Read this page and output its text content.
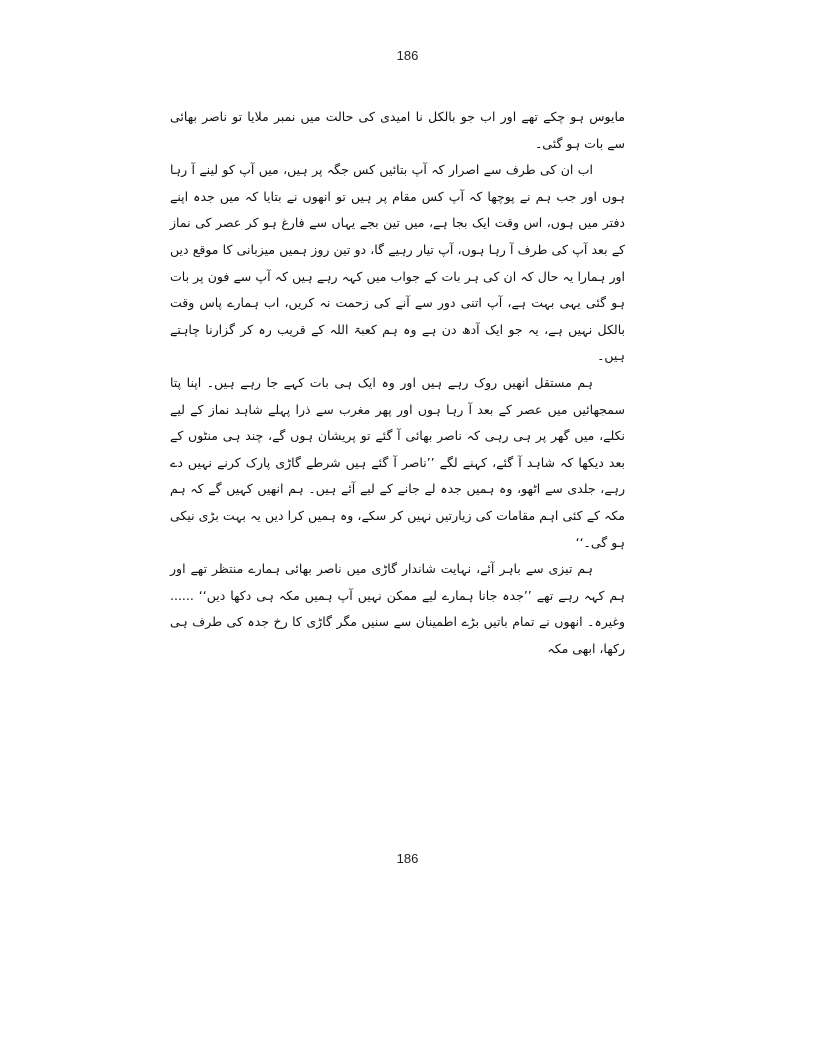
186

مایوس ہو چکے تھے اور اب جو بالکل نا امیدی کی حالت میں نمبر ملایا تو ناصر بھائی سے بات ہو گئی۔

اب ان کی طرف سے اصرار کہ آپ بتائیں کس جگہ پر ہیں، میں آپ کو لینے آ رہا ہوں اور جب ہم نے پوچھا کہ آپ کس مقام پر ہیں تو انھوں نے بتایا کہ میں جدہ اپنے دفتر میں ہوں، اس وقت ایک بجا ہے، میں تین بجے یہاں سے فارغ ہو کر عصر کی نماز کے بعد آپ کی طرف آ رہا ہوں، آپ تیار رہیے گا، دو تین روز ہمیں میزبانی کا موقع دیں اور ہمارا یہ حال کہ ان کی ہر بات کے جواب میں کہہ رہے ہیں کہ آپ سے فون پر بات ہو گئی یہی بہت ہے، آپ اتنی دور سے آنے کی زحمت نہ کریں، اب ہمارے پاس وقت بالکل نہیں ہے، یہ جو ایک آدھ دن ہے وہ ہم کعبۃ اللہ کے قریب رہ کر گزارنا چاہتے ہیں۔

ہم مستقل انھیں روک رہے ہیں اور وہ ایک ہی بات کہے جا رہے ہیں۔ اپنا پتا سمجھائیں میں عصر کے بعد آ رہا ہوں اور پھر مغرب سے ذرا پہلے شاہد نماز کے لیے نکلے، میں گھر پر ہی رہی کہ ناصر بھائی آ گئے تو پریشان ہوں گے، چند ہی منٹوں کے بعد دیکھا کہ شاہد آ گئے، کہنے لگے ’’ناصر آ گئے ہیں شرطے گاڑی پارک کرنے نہیں دے رہے، جلدی سے اٹھو، وہ ہمیں جدہ لے جانے کے لیے آئے ہیں۔ ہم انھیں کہیں گے کہ ہم مکہ کے کئی اہم مقامات کی زیارتیں نہیں کر سکے، وہ ہمیں کرا دیں یہ بہت بڑی نیکی ہو گی۔‘‘

ہم تیزی سے باہر آئے، نہایت شاندار گاڑی میں ناصر بھائی ہمارے منتظر تھے اور ہم کہہ رہے تھے ’’جدہ جانا ہمارے لیے ممکن نہیں آپ ہمیں مکہ ہی دکھا دیں‘‘ ...... وغیرہ۔ انھوں نے تمام باتیں بڑے اطمینان سے سنیں مگر گاڑی کا رخ جدہ کی طرف ہی رکھا، ابھی مکہ

186
